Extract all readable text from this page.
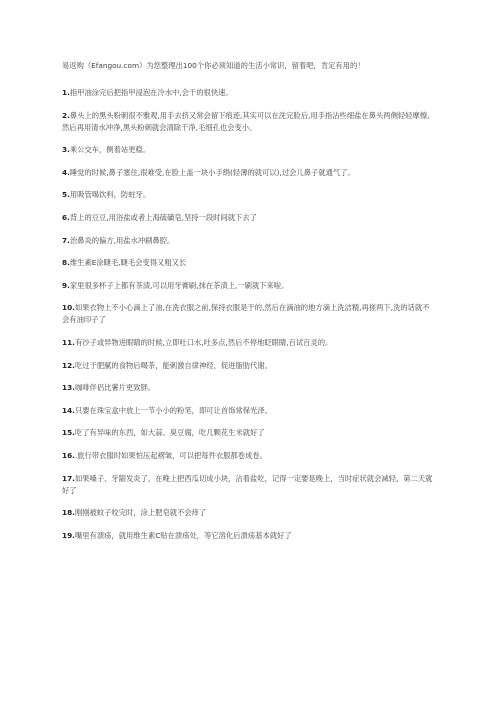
易返购（Efangou.com）为您整理出100个你必须知道的生活小常识，留着吧，肯定有用的！

1.指甲油涂完后把指甲浸泡在冷水中,会干的很快速。

2.鼻头上的黑头粉刺很不雅观,用手去挤又常会留下痕迹,其实可以在洗完脸后,用手指沾些细盐在鼻头两侧轻轻摩擦,然后再用清水冲净,黑头粉刺就会清除干净,毛细孔也会变小。

3.乘公交车，侧着站更稳。

4.睡觉的时候,鼻子塞住,很难受,在脸上盖一块小手绢(轻薄的就可以),过会儿鼻子就通气了。

5.用吸管喝饮料，防蛀牙。

6.背上的豆豆,用浴盐或者上海硫磺皂,坚持一段时间就下去了

7.治鼻炎的偏方,用盐水冲刷鼻腔。

8.维生素E涂睫毛,睫毛会变得又粗又长

9.家里很多杯子上都有茶渍,可以用牙膏刷,抹在茶渍上,一刷就下来啦。

10.如果衣物上不小心滴上了油,在洗衣服之前,保持衣服是干的,然后在滴油的地方滴上洗洁精,再搓两下,洗的话就不会有油印子了

11.有沙子或异物进眼睛的时候,立即吐口水,吐多点,然后不停地眨眼睛,百试百灵的。

12.吃过于肥腻的食物后喝茶，能刺激自律神经，促进脂肪代谢。

13.咖啡伴侣比薯片更致胖。

14.只要在珠宝盒中放上一节小小的粉笔，即可让首饰常保光泽。

15.吃了有异味的东西，如大蒜、臭豆腐，吃几颗花生米就好了

16..旅行带衣服时如果怕压起褶皱，可以把每件衣服都卷成卷。

17.如果嗓子、牙龈发炎了，在晚上把西瓜切成小块，沾着盐吃，记得一定要是晚上，当时症状就会减轻，第二天就好了

18.刚刚被蚊子咬完时，涂上肥皂就不会痒了

19.嘴里有溃疡，就用维生素C贴在溃疡处，等它溶化后溃疡基本就好了
